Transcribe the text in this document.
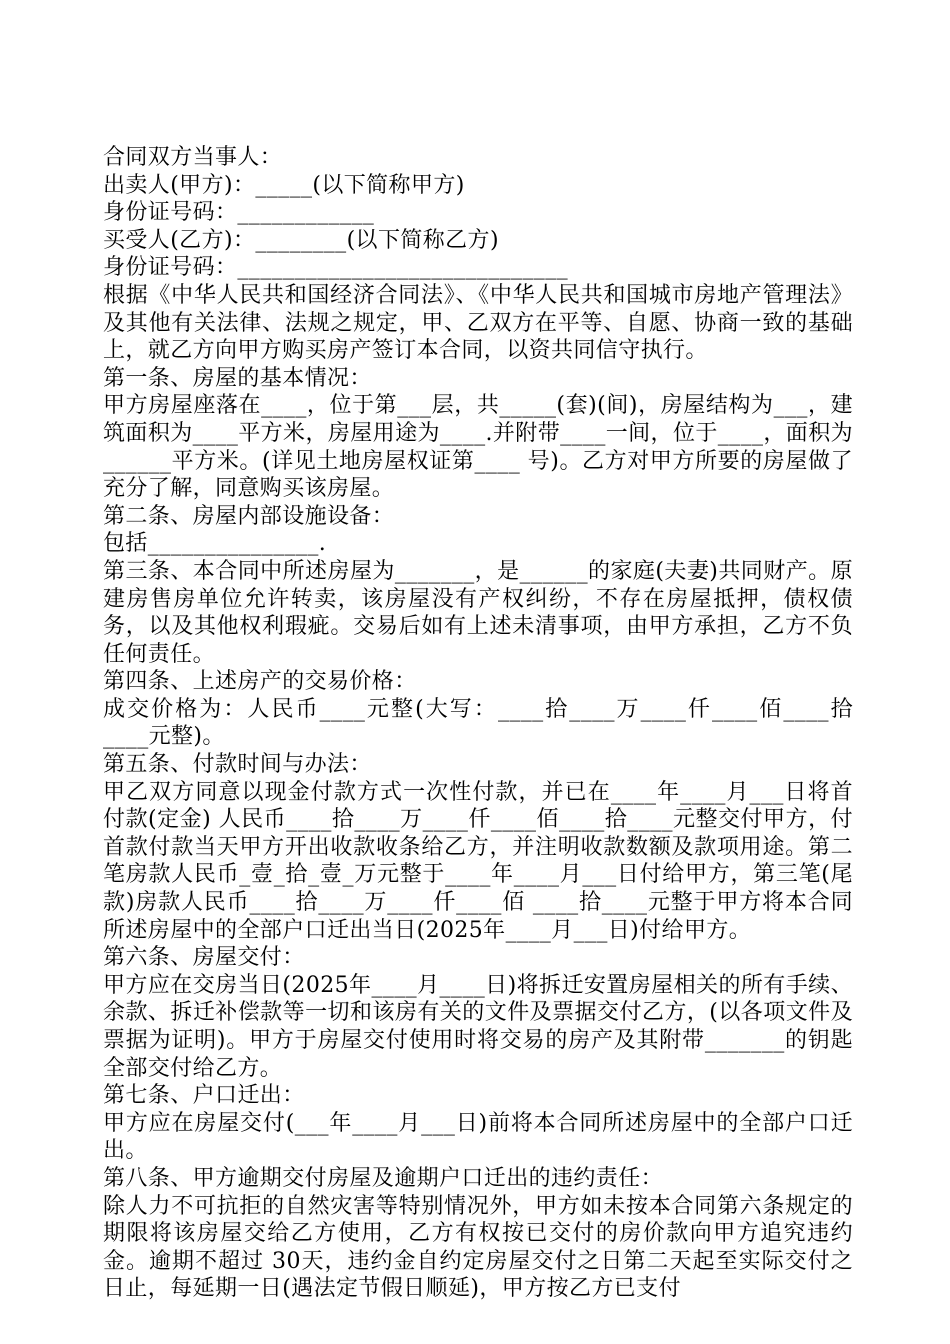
合同双方当事人：

出卖人(甲方)：_____(以下简称甲方)

身份证号码：____________

买受人(乙方)：________(以下简称乙方)

身份证号码：_____________________________

根据《中华人民共和国经济合同法》、《中华人民共和国城市房地产管理法》及其他有关法律、法规之规定，甲、乙双方在平等、自愿、协商一致的基础上，就乙方向甲方购买房产签订本合同，以资共同信守执行。

第一条、房屋的基本情况：

甲方房屋座落在____，位于第___层，共_____(套)(间)，房屋结构为___，建筑面积为____平方米，房屋用途为____.并附带____一间，位于____，面积为______平方米。(详见土地房屋权证第____ 号)。乙方对甲方所要的房屋做了充分了解，同意购买该房屋。

第二条、房屋内部设施设备：

包括_______________.

第三条、本合同中所述房屋为_______，是______的家庭(夫妻)共同财产。原建房售房单位允许转卖，该房屋没有产权纠纷，不存在房屋抵押，债权债务，以及其他权利瑕疵。交易后如有上述未清事项，由甲方承担，乙方不负任何责任。

第四条、上述房产的交易价格：

成交价格为：人民币____元整(大写：____拾____万____仟____佰____拾____元整)。

第五条、付款时间与办法：

甲乙双方同意以现金付款方式一次性付款，并已在____年____月___日将首付款(定金) 人民币____拾____万____仟____佰____拾____元整交付甲方，付首款付款当天甲方开出收款收条给乙方，并注明收款数额及款项用途。第二笔房款人民币_壹_拾_壹_万元整于____年____月___日付给甲方，第三笔(尾款)房款人民币____拾____万____仟____佰 ____拾____元整于甲方将本合同所述房屋中的全部户口迁出当日(2025年____月___日)付给甲方。

第六条、房屋交付：

甲方应在交房当日(2025年____月____日)将拆迁安置房屋相关的所有手续、余款、拆迁补偿款等一切和该房有关的文件及票据交付乙方，(以各项文件及票据为证明)。甲方于房屋交付使用时将交易的房产及其附带_______的钥匙全部交付给乙方。

第七条、户口迁出：

甲方应在房屋交付(___年____月___日)前将本合同所述房屋中的全部户口迁出。

第八条、甲方逾期交付房屋及逾期户口迁出的违约责任：

除人力不可抗拒的自然灾害等特别情况外，甲方如未按本合同第六条规定的期限将该房屋交给乙方使用，乙方有权按已交付的房价款向甲方追究违约金。逾期不超过 30天，违约金自约定房屋交付之日第二天起至实际交付之日止，每延期一日(遇法定节假日顺延)，甲方按乙方已支付
